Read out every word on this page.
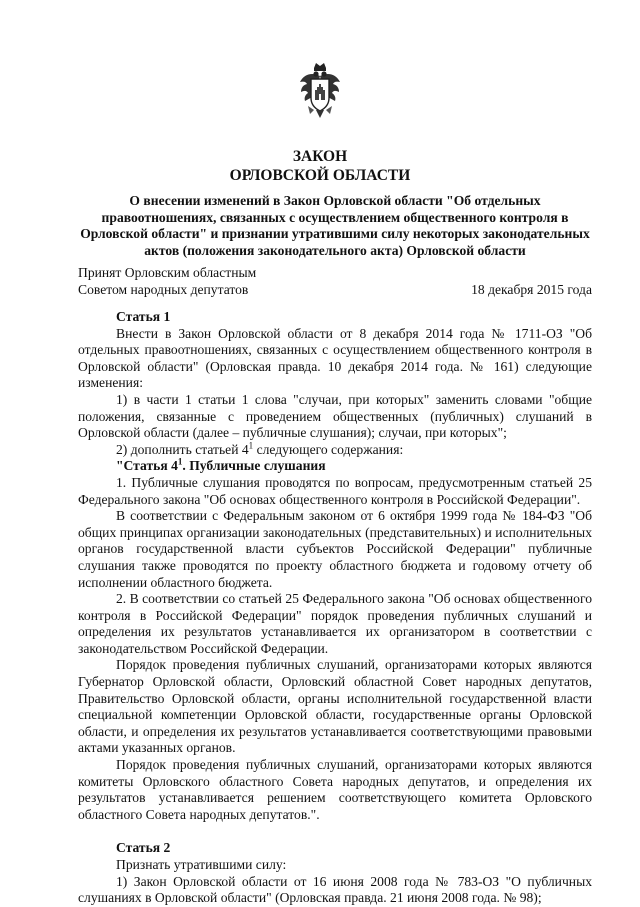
ЗАКОН
ОРЛОВСКОЙ ОБЛАСТИ
О внесении изменений в Закон Орловской области "Об отдельных правоотношениях, связанных с осуществлением общественного контроля в Орловской области" и признании утратившими силу некоторых законодательных актов (положения законодательного акта) Орловской области
Принят Орловским областным
Советом народных депутатов	18 декабря 2015 года

Статья 1

Внести в Закон Орловской области от 8 декабря 2014 года № 1711-ОЗ "Об отдельных правоотношениях, связанных с осуществлением общественного контроля в Орловской области" (Орловская правда. 10 декабря 2014 года. № 161) следующие изменения:

1) в части 1 статьи 1 слова "случаи, при которых" заменить словами "общие положения, связанные с проведением общественных (публичных) слушаний в Орловской области (далее – публичные слушания); случаи, при которых";

2) дополнить статьей $4^1$ следующего содержания:

"Статья $4^1$. Публичные слушания

1. Публичные слушания проводятся по вопросам, предусмотренным статьей 25 Федерального закона "Об основах общественного контроля в Российской Федерации".

В соответствии с Федеральным законом от 6 октября 1999 года № 184-ФЗ "Об общих принципах организации законодательных (представительных) и исполнительных органов государственной власти субъектов Российской Федерации" публичные слушания также проводятся по проекту областного бюджета и годовому отчету об исполнении областного бюджета.

2. В соответствии со статьей 25 Федерального закона "Об основах общественного контроля в Российской Федерации" порядок проведения публичных слушаний и определения их результатов устанавливается их организатором в соответствии с законодательством Российской Федерации.

Порядок проведения публичных слушаний, организаторами которых являются Губернатор Орловской области, Орловский областной Совет народных депутатов, Правительство Орловской области, органы исполнительной государственной власти специальной компетенции Орловской области, государственные органы Орловской области, и определения их результатов устанавливается соответствующими правовыми актами указанных органов.

Порядок проведения публичных слушаний, организаторами которых являются комитеты Орловского областного Совета народных депутатов, и определения их результатов устанавливается решением соответствующего комитета Орловского областного Совета народных депутатов.".

Статья 2

Признать утратившими силу:

1) Закон Орловской области от 16 июня 2008 года № 783-ОЗ "О публичных слушаниях в Орловской области" (Орловская правда. 21 июня 2008 года. № 98);
